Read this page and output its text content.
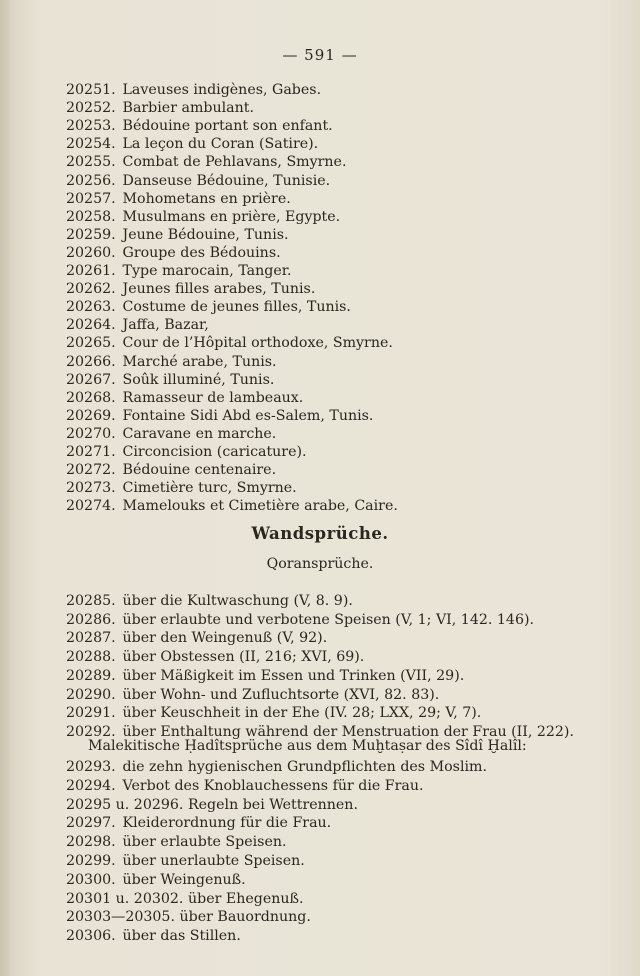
— 591 —
20251. Laveuses indigènes, Gabes.
20252. Barbier ambulant.
20253. Bédouine portant son enfant.
20254. La leçon du Coran (Satire).
20255. Combat de Pehlavans, Smyrne.
20256. Danseuse Bédouine, Tunisie.
20257. Mohometans en prière.
20258. Musulmans en prière, Egypte.
20259. Jeune Bédouine, Tunis.
20260. Groupe des Bédouins.
20261. Type marocain, Tanger.
20262. Jeunes filles arabes, Tunis.
20263. Costume de jeunes filles, Tunis.
20264. Jaffa, Bazar,
20265. Cour de l’Hôpital orthodoxe, Smyrne.
20266. Marché arabe, Tunis.
20267. Soûk illuminé, Tunis.
20268. Ramasseur de lambeaux.
20269. Fontaine Sidi Abd es-Salem, Tunis.
20270. Caravane en marche.
20271. Circoncision (caricature).
20272. Bédouine centenaire.
20273. Cimetière turc, Smyrne.
20274. Mamelouks et Cimetière arabe, Caire.
Wandsprüche.
Qoransprüche.
20285. über die Kultwaschung (V, 8. 9).
20286. über erlaubte und verbotene Speisen (V, 1; VI, 142. 146).
20287. über den Weingenuß (V, 92).
20288. über Obstessen (II, 216; XVI, 69).
20289. über Mäßigkeit im Essen und Trinken (VII, 29).
20290. über Wohn- und Zufluchtsorte (XVI, 82. 83).
20291. über Keuschheit in der Ehe (IV. 28; LXX, 29; V, 7).
20292. über Enthaltung während der Menstruation der Frau (II, 222).
Malekitische Ḥadîtsprüche aus dem Muḫtaṣar des Sîdî Ḫalîl:
20293. die zehn hygienischen Grundpflichten des Moslim.
20294. Verbot des Knoblauchessens für die Frau.
20295 u. 20296. Regeln bei Wettrennen.
20297. Kleiderordnung für die Frau.
20298. über erlaubte Speisen.
20299. über unerlaubte Speisen.
20300. über Weingenuß.
20301 u. 20302. über Ehegenuß.
20303—20305. über Bauordnung.
20306. über das Stillen.
